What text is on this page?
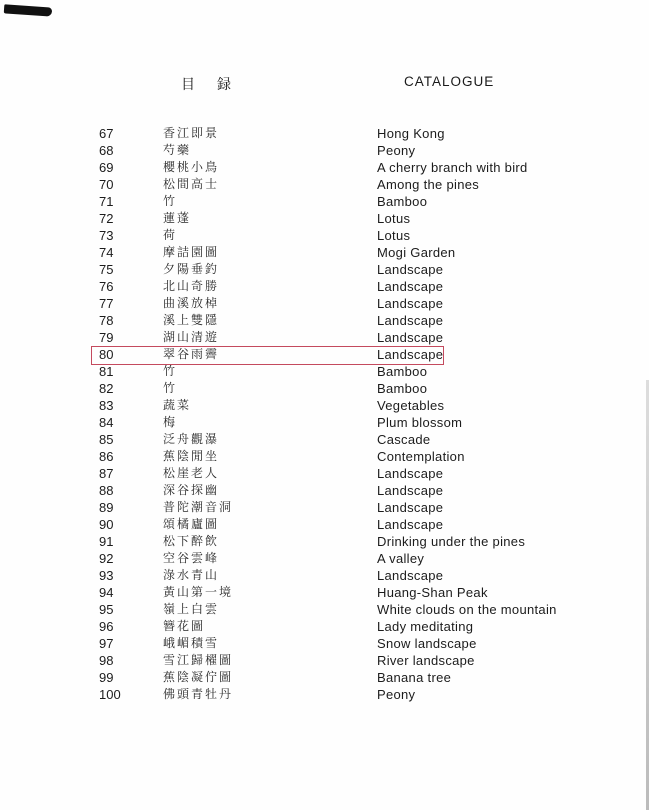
目録	CATALOGUE
67	香江即景	Hong Kong
68	芍藥	Peony
69	櫻桃小鳥	A cherry branch with bird
70	松間高士	Among the pines
71	竹	Bamboo
72	蓮蓬	Lotus
73	荷	Lotus
74	摩詰園圖	Mogi Garden
75	夕陽垂釣	Landscape
76	北山奇勝	Landscape
77	曲溪放棹	Landscape
78	溪上雙隱	Landscape
79	湖山清遊	Landscape
80	翠谷雨霽	Landscape
81	竹	Bamboo
82	竹	Bamboo
83	蔬菜	Vegetables
84	梅	Plum blossom
85	泛舟觀瀑	Cascade
86	蕉陰閒坐	Contemplation
87	松崖老人	Landscape
88	深谷探幽	Landscape
89	普陀潮音洞	Landscape
90	頌橘廬圖	Landscape
91	松下醉飲	Drinking under the pines
92	空谷雲峰	A valley
93	淥水青山	Landscape
94	黃山第一境	Huang-Shan Peak
95	嶺上白雲	White clouds on the mountain
96	簪花圖	Lady meditating
97	峨嵋積雪	Snow landscape
98	雪江歸櫂圖	River landscape
99	蕉陰凝佇圖	Banana tree
100	佛頭青牡丹	Peony
